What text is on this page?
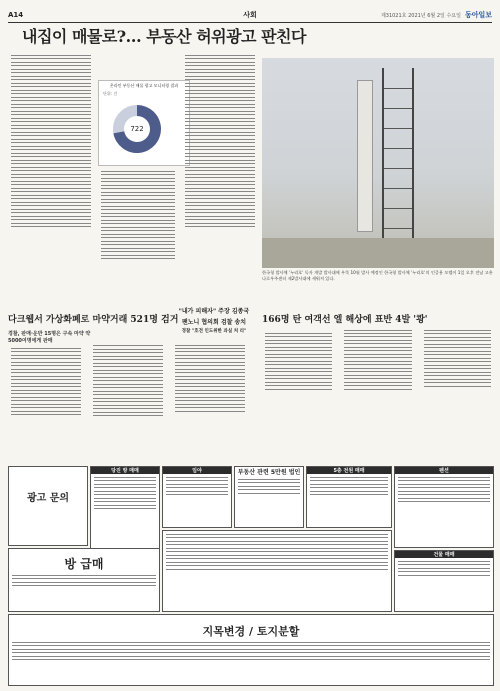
A14	사회	제31021호 2021년 6월 2일 수요일 동아일보
내집이 매물로?… 부동산 허위광고 판친다
온라인 부동산 매물 광고 모니터링 결과
단위: 건
722
한국형 발사체 '누리호' 독자 개발 발사대에 우뚝 10월 발사 예정인 한국형 발사체 '누리호'의 인증용 모델이 1일 오후 전남 고흥 나로우주센터 제2발사대에 세워져 있다.
다크웹서 가상화폐로 마약거래 521명 검거
경찰, 판매·운반 15명은 구속 마약 약 5000여명에게 판매
"내가 피해자" 주장 김종국
팬노니 협의회 검찰 송치
경찰 "호전 인도위한 과실 처 리"
166명 탄 여객선 엘 해상에 표반 4발 '쾅'
광고 문의
당진 땅 매매	임야	부동산 관련 5만원 법인	5층 전원 매매	펜션
방 급매
건물 매매
지목변경 / 토지분할
